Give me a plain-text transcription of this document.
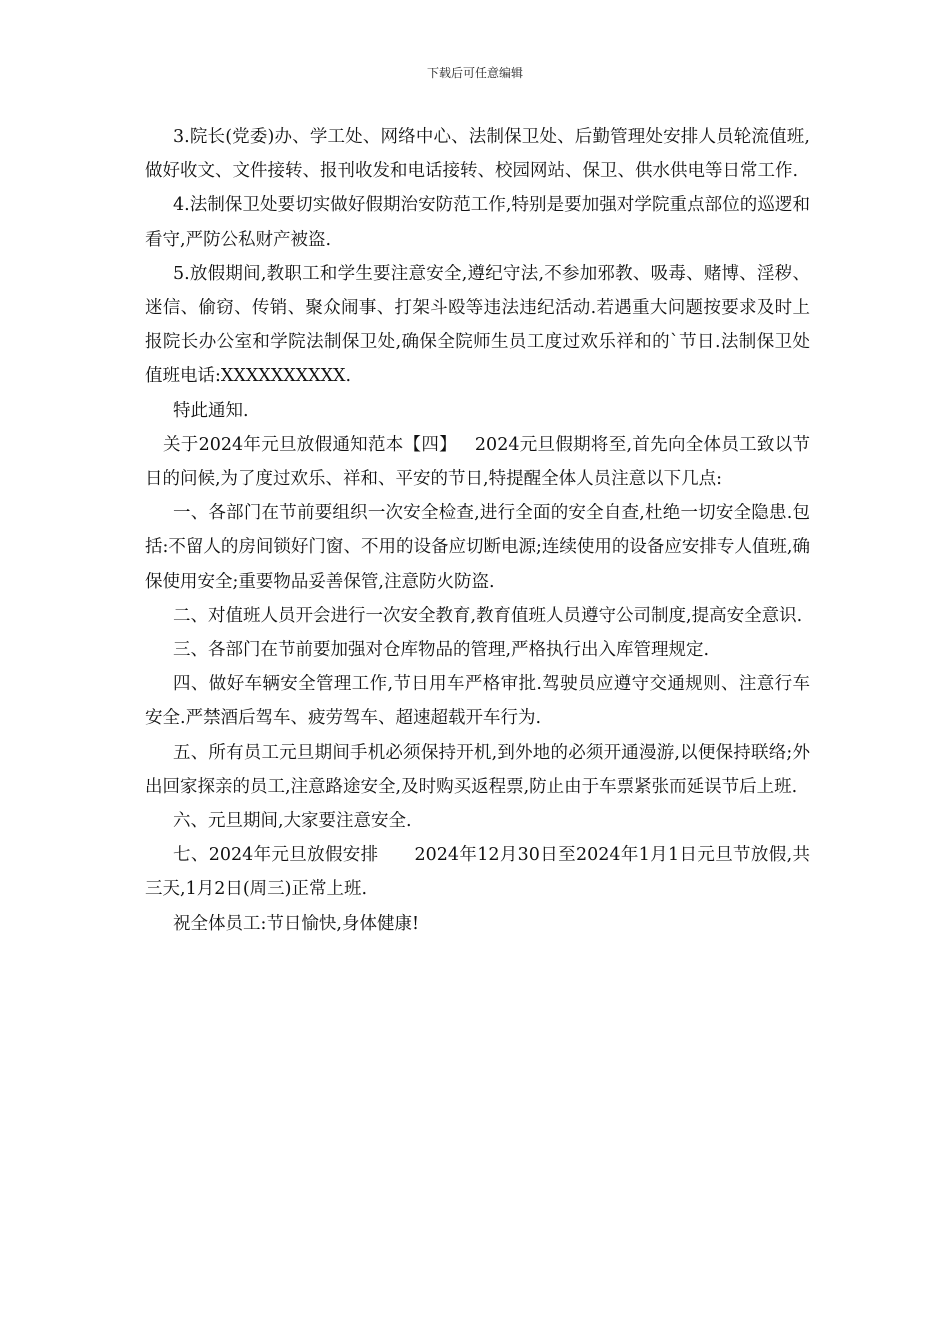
下载后可任意编辑

3.院长(党委)办、学工处、网络中心、法制保卫处、后勤管理处安排人员轮流值班,做好收文、文件接转、报刊收发和电话接转、校园网站、保卫、供水供电等日常工作.

4.法制保卫处要切实做好假期治安防范工作,特别是要加强对学院重点部位的巡逻和看守,严防公私财产被盗.

5.放假期间,教职工和学生要注意安全,遵纪守法,不参加邪教、吸毒、赌博、淫秽、迷信、偷窃、传销、聚众闹事、打架斗殴等违法违纪活动.若遇重大问题按要求及时上报院长办公室和学院法制保卫处,确保全院师生员工度过欢乐祥和的`节日.法制保卫处值班电话:XXXXXXXXXX.

特此通知.

关于2024年元旦放假通知范本【四】 2024元旦假期将至,首先向全体员工致以节日的问候,为了度过欢乐、祥和、平安的节日,特提醒全体人员注意以下几点:

一、各部门在节前要组织一次安全检查,进行全面的安全自查,杜绝一切安全隐患.包括:不留人的房间锁好门窗、不用的设备应切断电源;连续使用的设备应安排专人值班,确保使用安全;重要物品妥善保管,注意防火防盗.

二、对值班人员开会进行一次安全教育,教育值班人员遵守公司制度,提高安全意识.

三、各部门在节前要加强对仓库物品的管理,严格执行出入库管理规定.

四、做好车辆安全管理工作,节日用车严格审批.驾驶员应遵守交通规则、注意行车安全.严禁酒后驾车、疲劳驾车、超速超载开车行为.

五、所有员工元旦期间手机必须保持开机,到外地的必须开通漫游,以便保持联络;外出回家探亲的员工,注意路途安全,及时购买返程票,防止由于车票紧张而延误节后上班.

六、元旦期间,大家要注意安全.

七、2024年元旦放假安排 2024年12月30日至2024年1月1日元旦节放假,共三天,1月2日(周三)正常上班.

祝全体员工:节日愉快,身体健康!
